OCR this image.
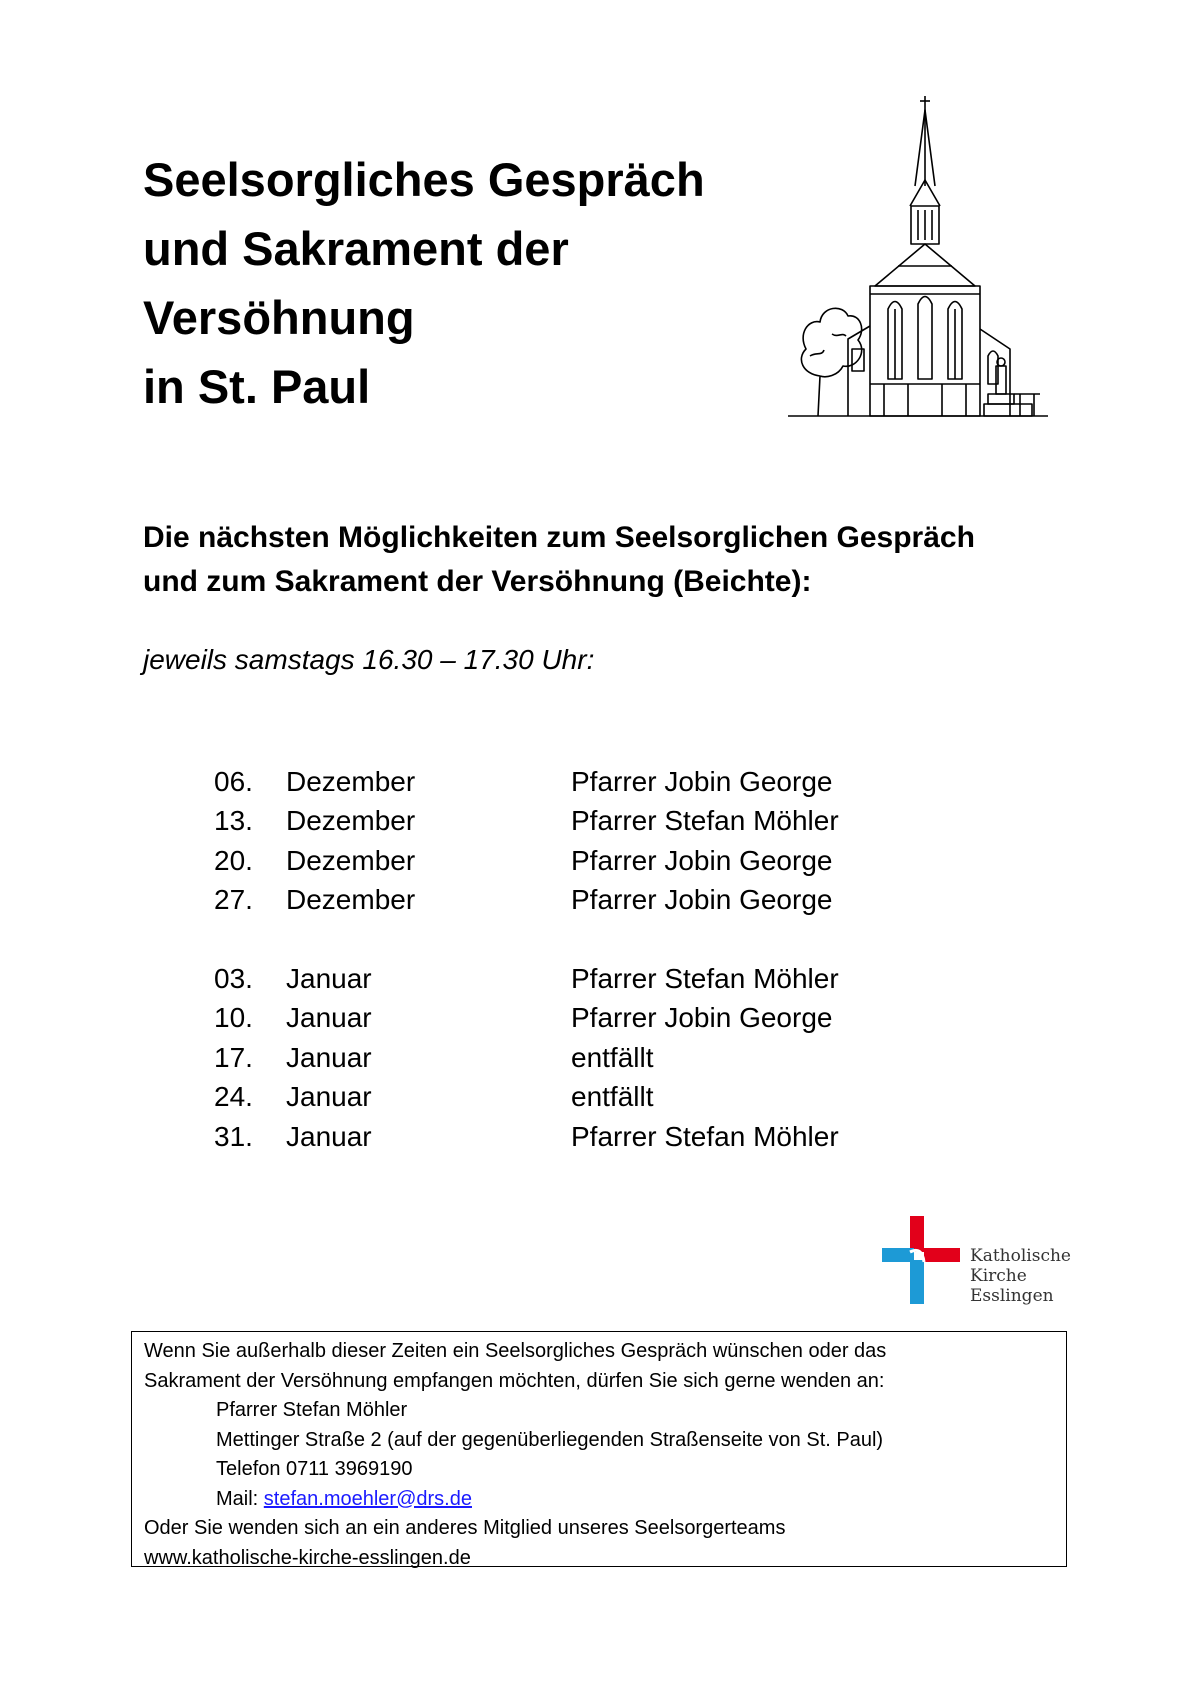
Seelsorgliches Gespräch
und Sakrament der
Versöhnung
in St. Paul
Die nächsten Möglichkeiten zum Seelsorglichen Gespräch
und zum Sakrament der Versöhnung (Beichte):
jeweils samstags 16.30 – 17.30 Uhr:
06. Dezember	Pfarrer Jobin George
13. Dezember	Pfarrer Stefan Möhler
20. Dezember	Pfarrer Jobin George
27. Dezember	Pfarrer Jobin George
03. Januar	Pfarrer Stefan Möhler
10. Januar	Pfarrer Jobin George
17. Januar	entfällt
24. Januar	entfällt
31. Januar	Pfarrer Stefan Möhler
Katholische
Kirche
Esslingen
Wenn Sie außerhalb dieser Zeiten ein Seelsorgliches Gespräch wünschen oder das
Sakrament der Versöhnung empfangen möchten, dürfen Sie sich gerne wenden an:
Pfarrer Stefan Möhler
Mettinger Straße 2 (auf der gegenüberliegenden Straßenseite von St. Paul)
Telefon 0711 3969190
Mail: stefan.moehler@drs.de
Oder Sie wenden sich an ein anderes Mitglied unseres Seelsorgerteams
www.katholische-kirche-esslingen.de
